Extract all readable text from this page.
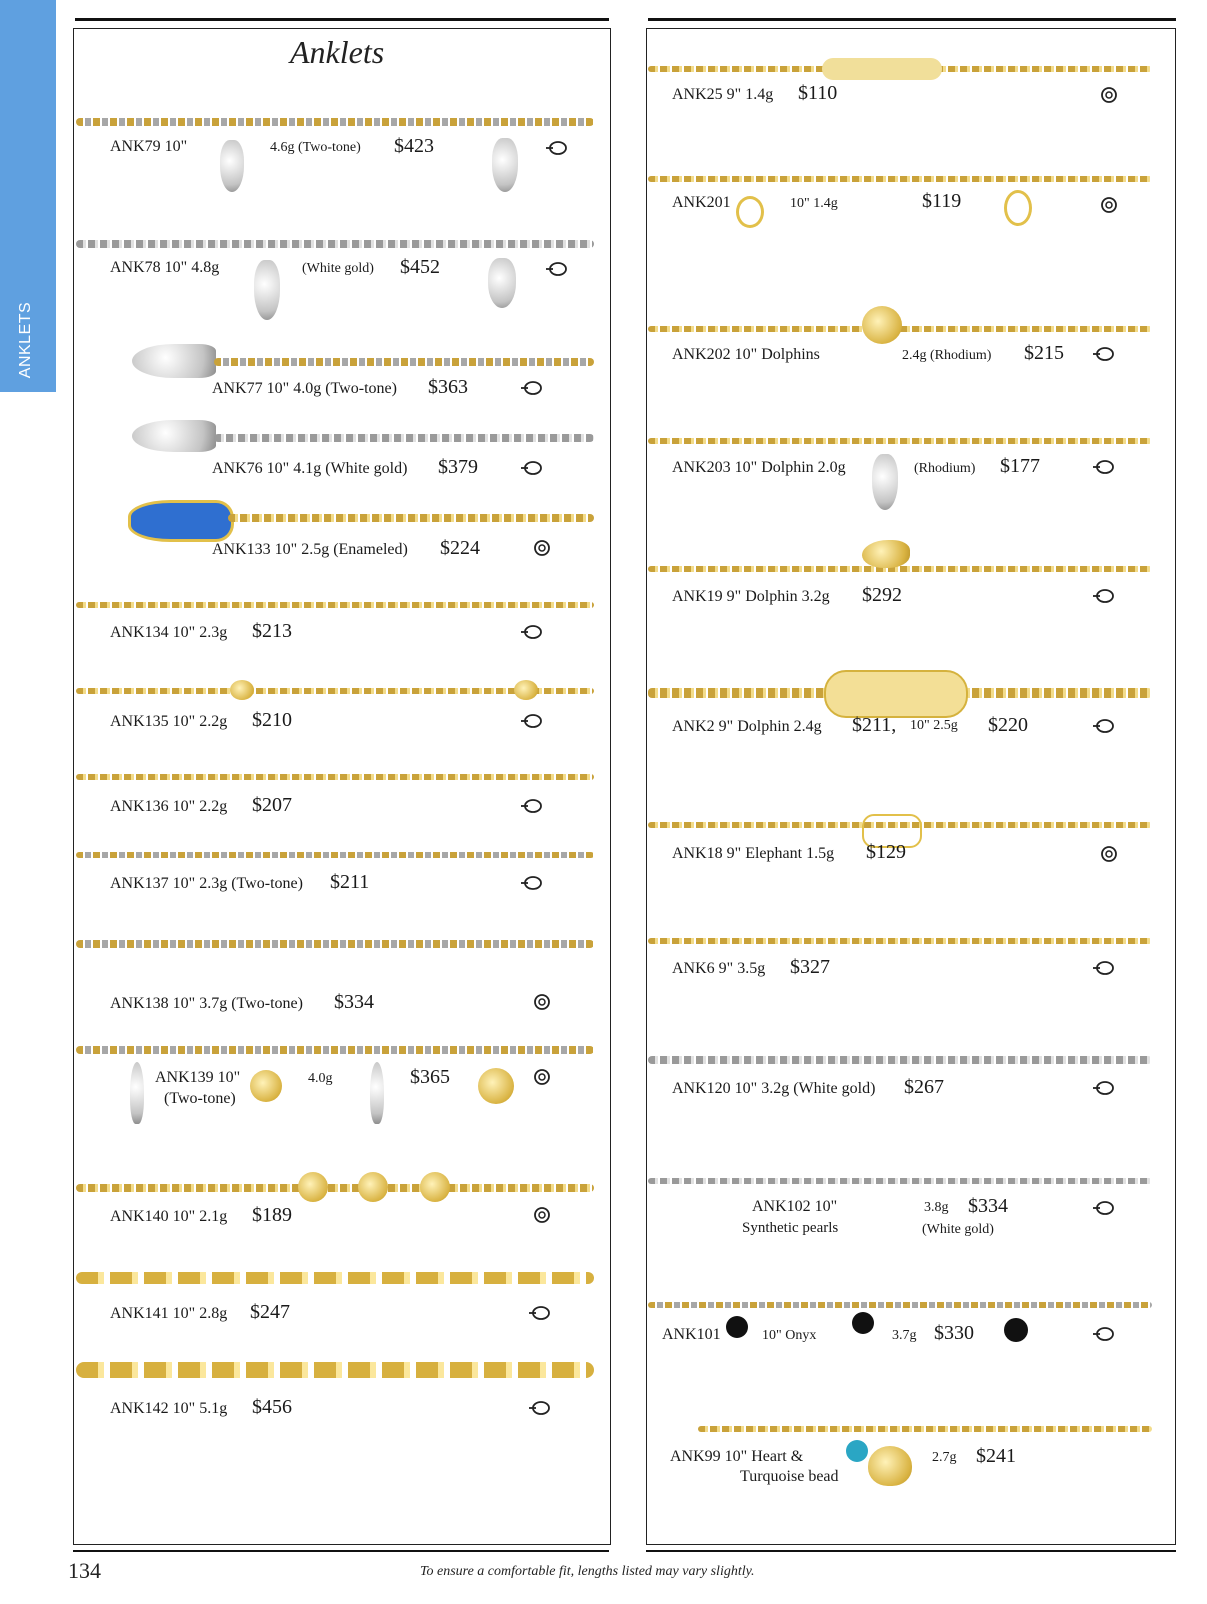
ANKLETS
Anklets
ANK79 10"	4.6g (Two-tone) $423
ANK78 10" 4.8g	(White gold) $452
ANK77 10" 4.0g (Two-tone) $363
ANK76 10" 4.1g (White gold) $379
ANK133 10" 2.5g (Enameled) $224
ANK134 10" 2.3g $213
ANK135 10" 2.2g $210
ANK136 10" 2.2g $207
ANK137 10" 2.3g (Two-tone) $211
ANK138 10" 3.7g (Two-tone) $334
ANK139 10"
(Two-tone)
4.0g	$365
ANK140 10" 2.1g $189
ANK141 10" 2.8g $247
ANK142 10" 5.1g $456
ANK25 9" 1.4g $110
ANK201	10" 1.4g	$119
ANK202 10" Dolphins	2.4g (Rhodium) $215
ANK203 10" Dolphin 2.0g	(Rhodium) $177
ANK19 9" Dolphin 3.2g $292
ANK2 9" Dolphin 2.4g $211, 10" 2.5g $220
ANK18 9" Elephant 1.5g $129
ANK6 9" 3.5g $327
ANK120 10" 3.2g (White gold) $267
ANK102 10"
Synthetic pearls
3.8g $334
(White gold)
ANK101	10" Onyx	3.7g $330
ANK99 10" Heart &
Turquoise bead
2.7g $241
134	To ensure a comfortable fit, lengths listed may vary slightly.
